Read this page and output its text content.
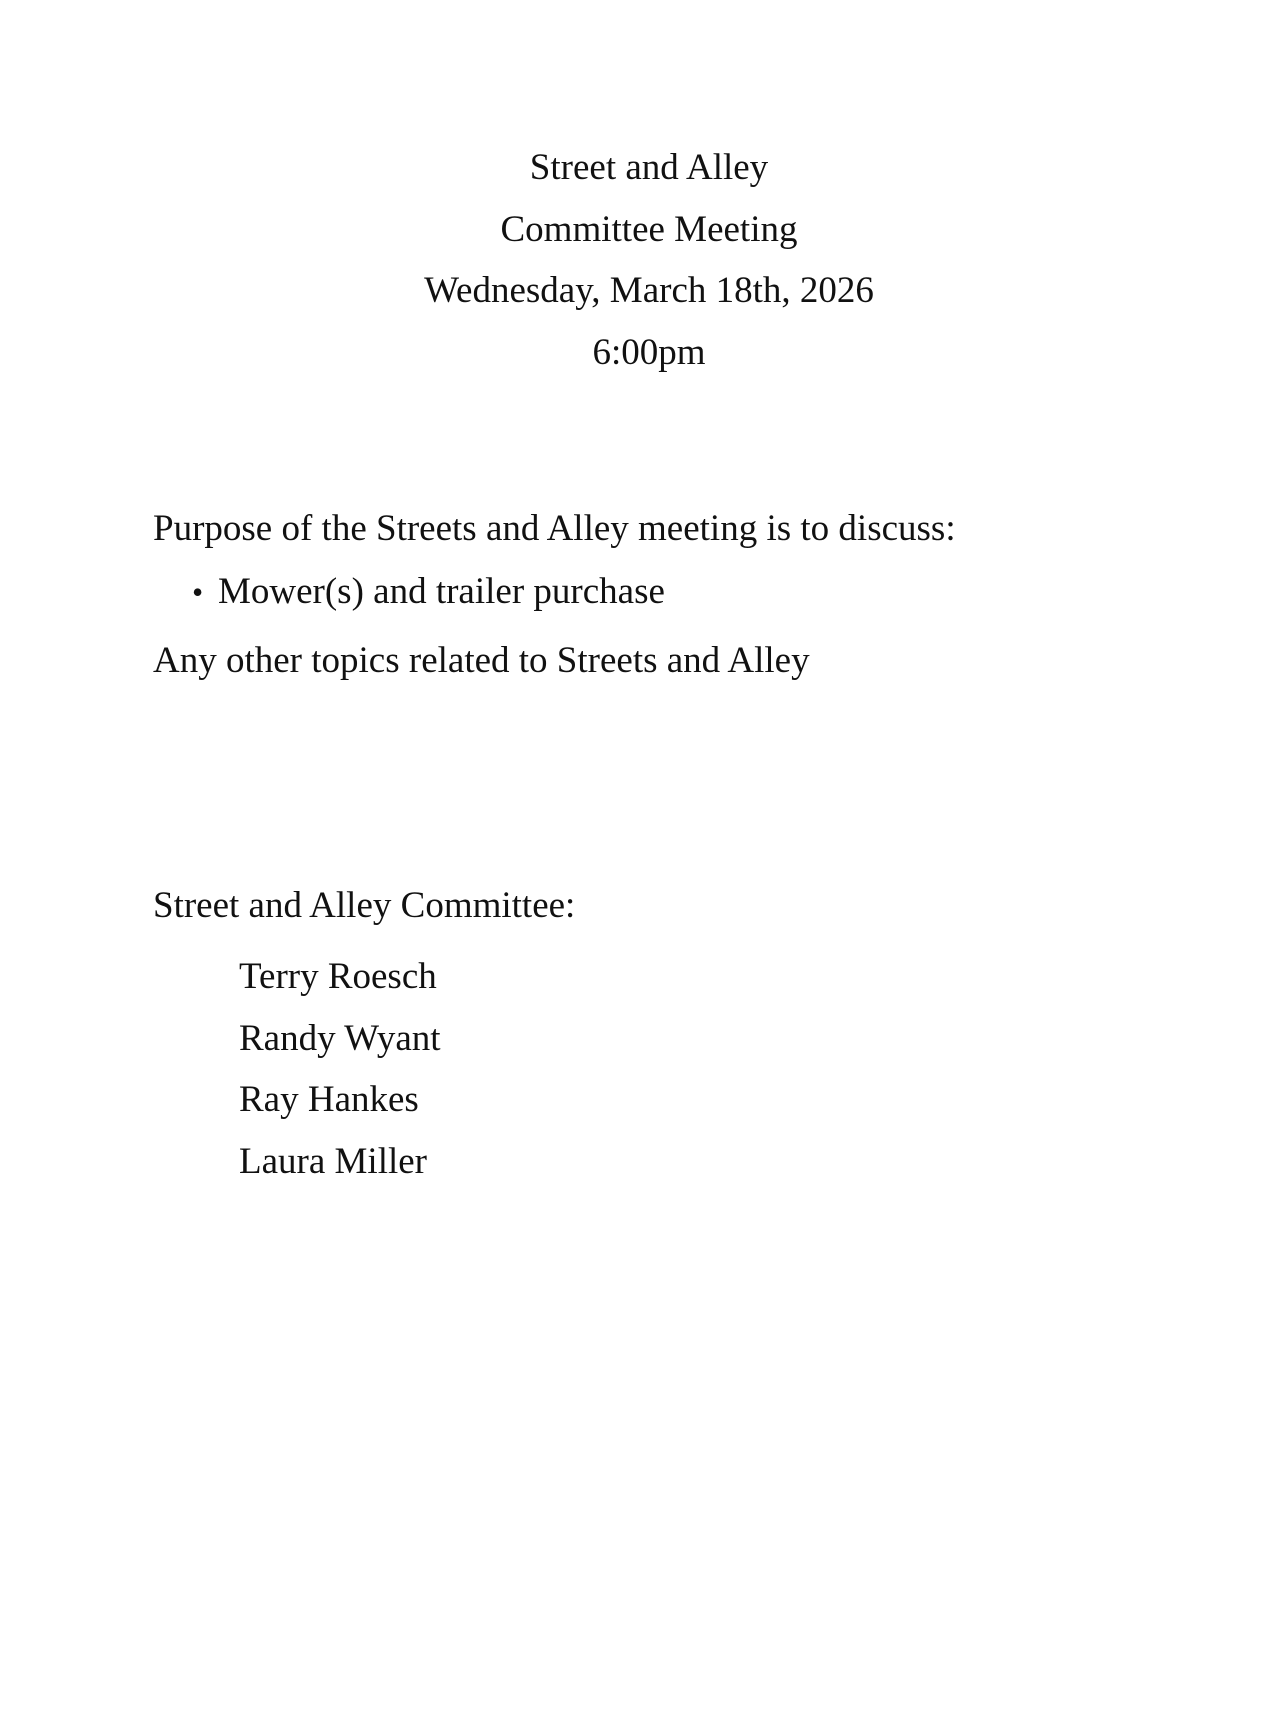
Street and Alley
Committee Meeting
Wednesday, March 18th, 2026
6:00pm
Purpose of the Streets and Alley meeting is to discuss:
• Mower(s) and trailer purchase
Any other topics related to Streets and Alley
Street and Alley Committee:
Terry Roesch
Randy Wyant
Ray Hankes
Laura Miller
